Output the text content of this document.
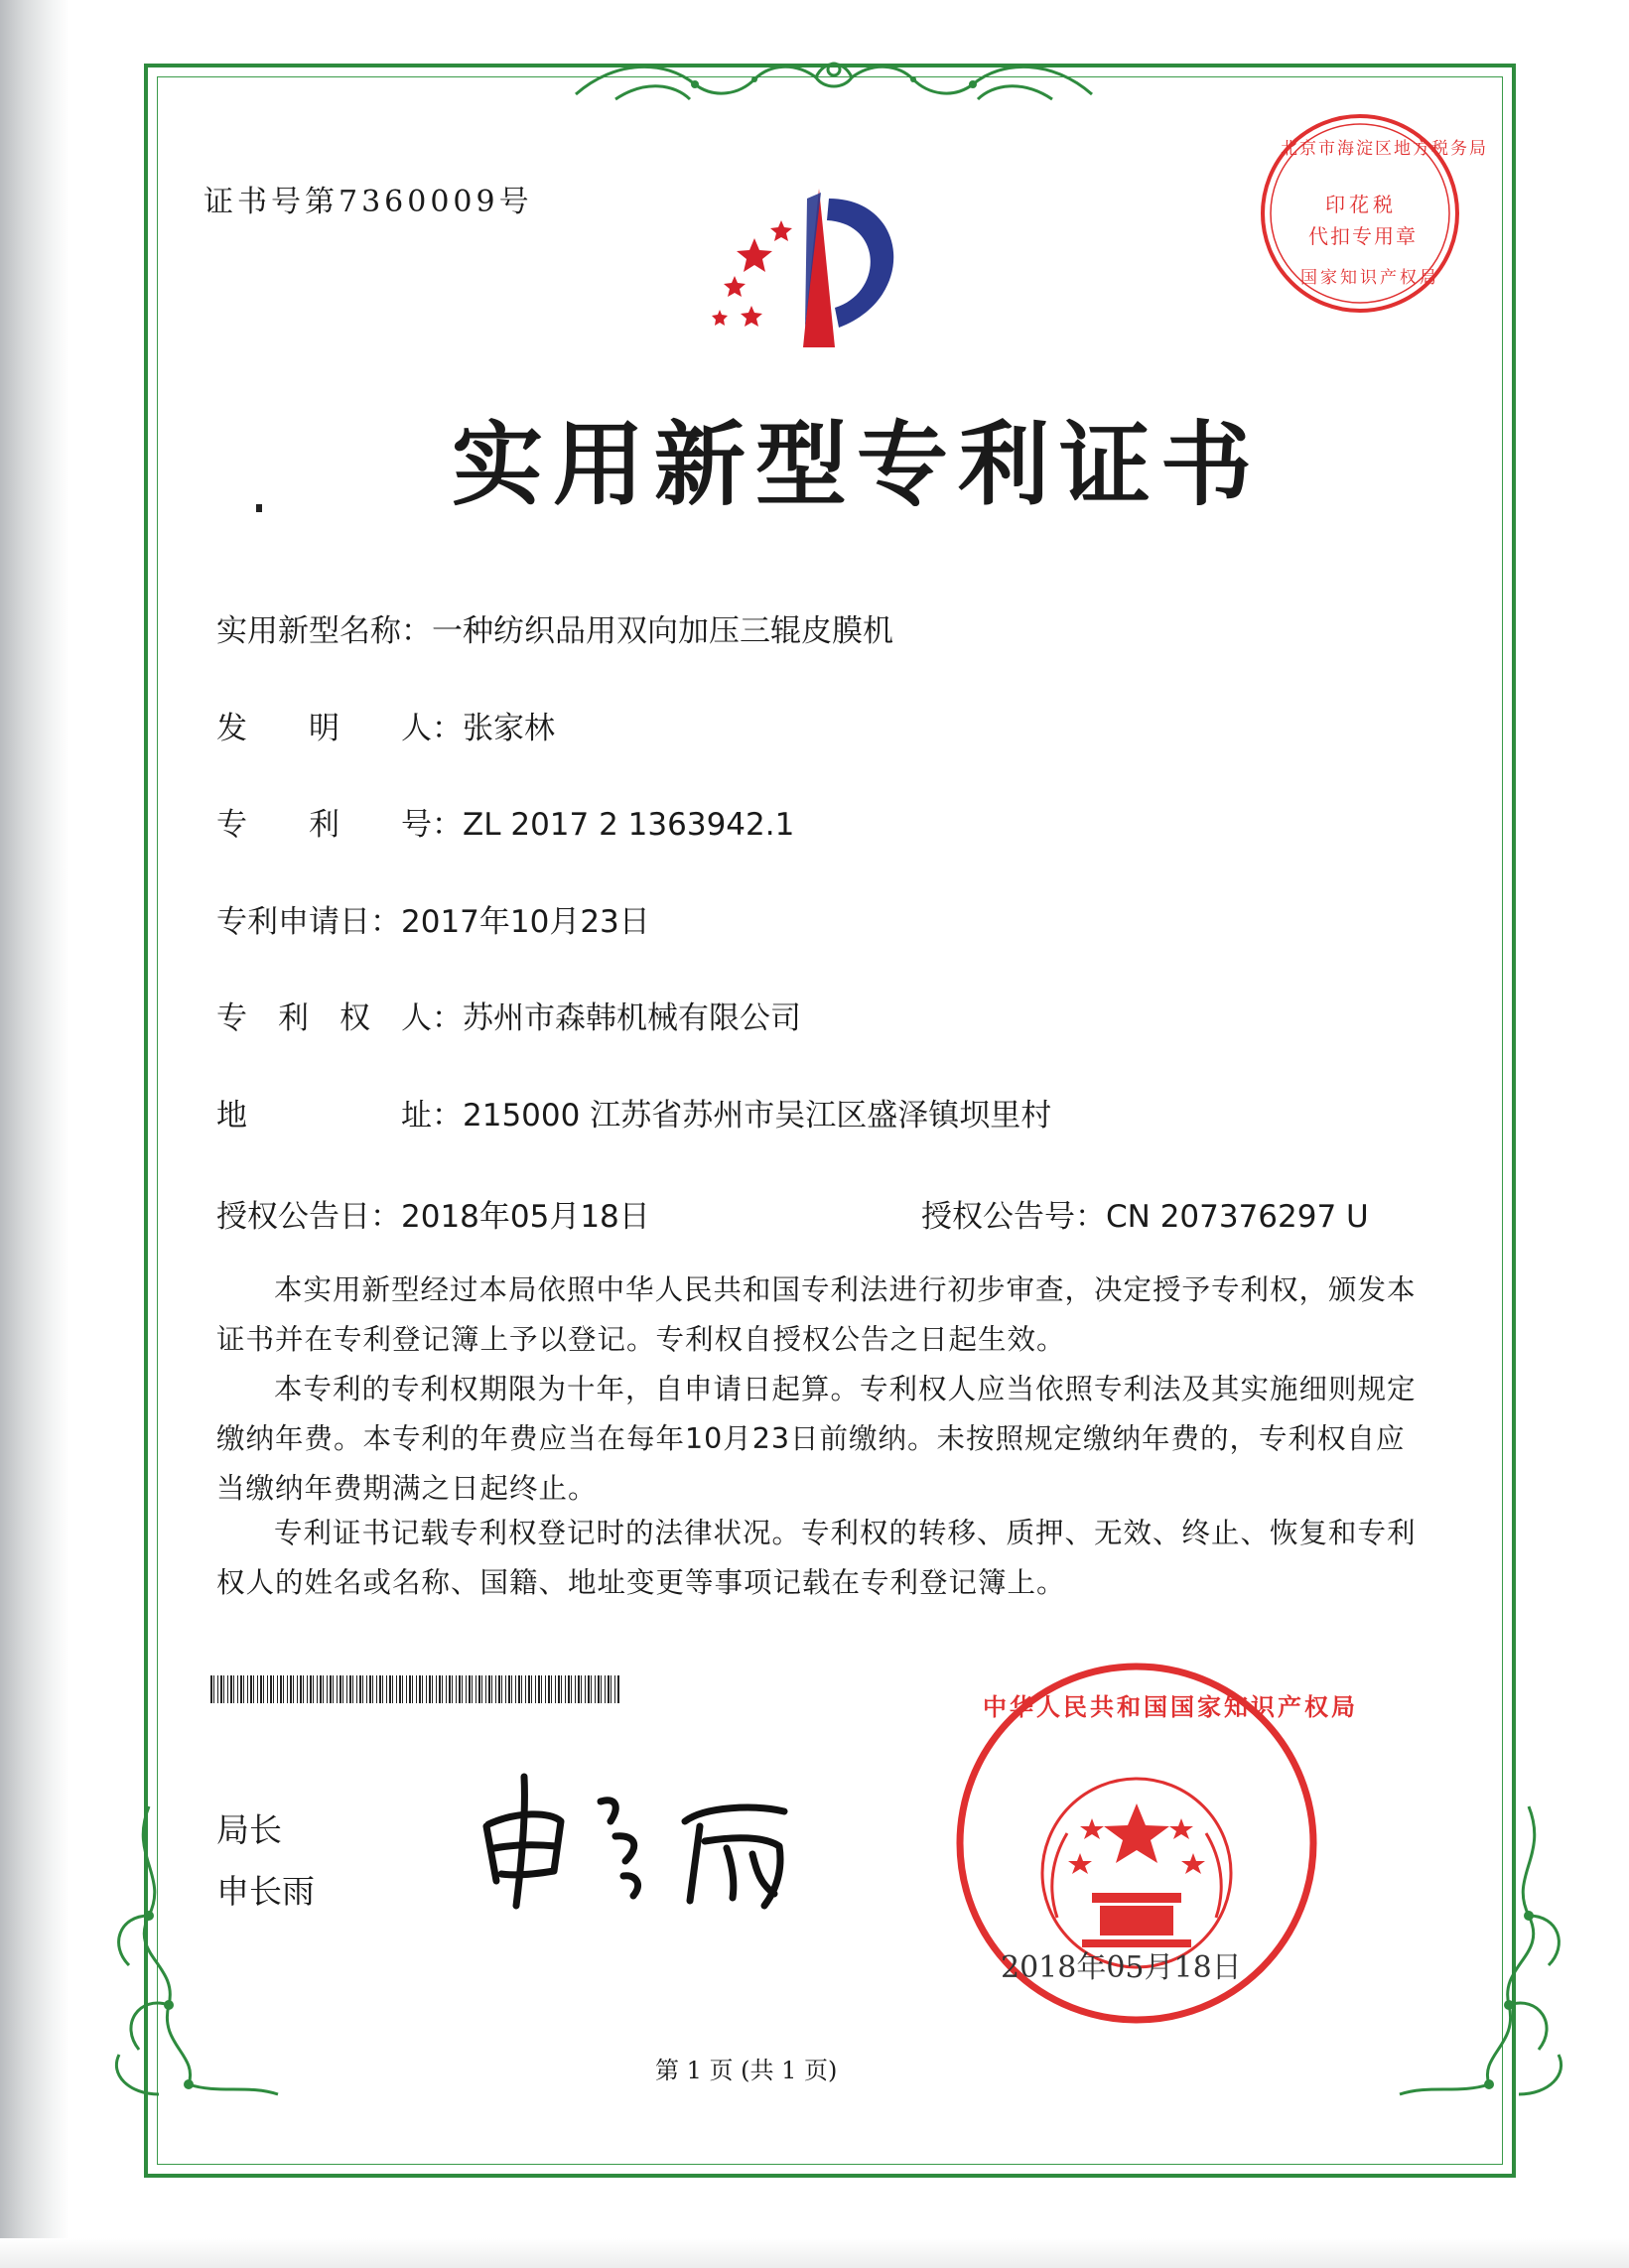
证书号第7360009号
北京市海淀区地方税务局
印花税
代扣专用章
国家知识产权局
实用新型专利证书
实用新型名称：一种纺织品用双向加压三辊皮膜机
发　　明　　人：张家林
专　　利　　号：ZL 2017 2 1363942.1
专利申请日：2017年10月23日
专　利　权　人：苏州市森韩机械有限公司
地　　　　　址：215000 江苏省苏州市吴江区盛泽镇坝里村
授权公告日：2018年05月18日	授权公告号：CN 207376297 U
本实用新型经过本局依照中华人民共和国专利法进行初步审查，决定授予专利权，颁发本证书并在专利登记簿上予以登记。专利权自授权公告之日起生效。
本专利的专利权期限为十年，自申请日起算。专利权人应当依照专利法及其实施细则规定缴纳年费。本专利的年费应当在每年10月23日前缴纳。未按照规定缴纳年费的，专利权自应当缴纳年费期满之日起终止。
专利证书记载专利权登记时的法律状况。专利权的转移、质押、无效、终止、恢复和专利权人的姓名或名称、国籍、地址变更等事项记载在专利登记簿上。
局长
申长雨
中华人民共和国国家知识产权局
2018年05月18日
第 1 页 (共 1 页)
